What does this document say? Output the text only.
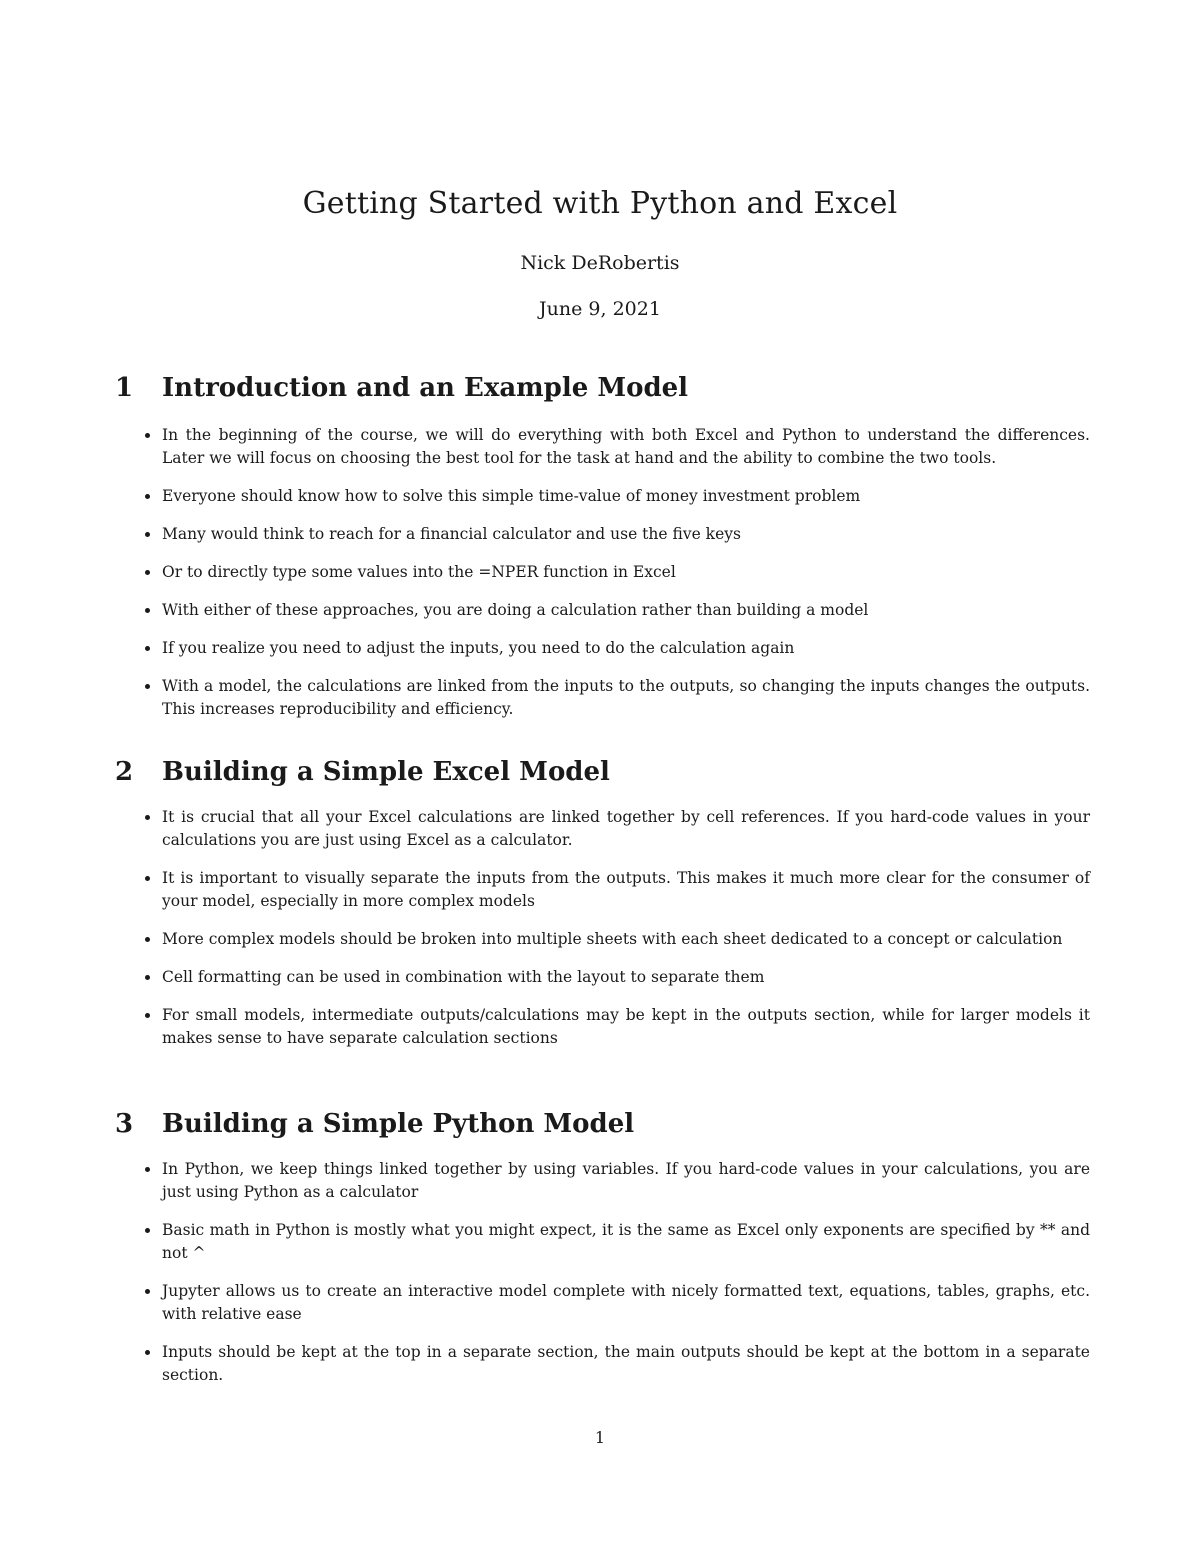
Getting Started with Python and Excel
Nick DeRobertis
June 9, 2021
1 Introduction and an Example Model
In the beginning of the course, we will do everything with both Excel and Python to understand the differences. Later we will focus on choosing the best tool for the task at hand and the ability to combine the two tools.
Everyone should know how to solve this simple time-value of money investment problem
Many would think to reach for a financial calculator and use the five keys
Or to directly type some values into the =NPER function in Excel
With either of these approaches, you are doing a calculation rather than building a model
If you realize you need to adjust the inputs, you need to do the calculation again
With a model, the calculations are linked from the inputs to the outputs, so changing the inputs changes the outputs. This increases reproducibility and efficiency.
2 Building a Simple Excel Model
It is crucial that all your Excel calculations are linked together by cell references. If you hard-code values in your calculations you are just using Excel as a calculator.
It is important to visually separate the inputs from the outputs. This makes it much more clear for the consumer of your model, especially in more complex models
More complex models should be broken into multiple sheets with each sheet dedicated to a concept or calculation
Cell formatting can be used in combination with the layout to separate them
For small models, intermediate outputs/calculations may be kept in the outputs section, while for larger models it makes sense to have separate calculation sections
3 Building a Simple Python Model
In Python, we keep things linked together by using variables. If you hard-code values in your calculations, you are just using Python as a calculator
Basic math in Python is mostly what you might expect, it is the same as Excel only exponents are specified by ** and not ^
Jupyter allows us to create an interactive model complete with nicely formatted text, equations, tables, graphs, etc. with relative ease
Inputs should be kept at the top in a separate section, the main outputs should be kept at the bottom in a separate section.
1
